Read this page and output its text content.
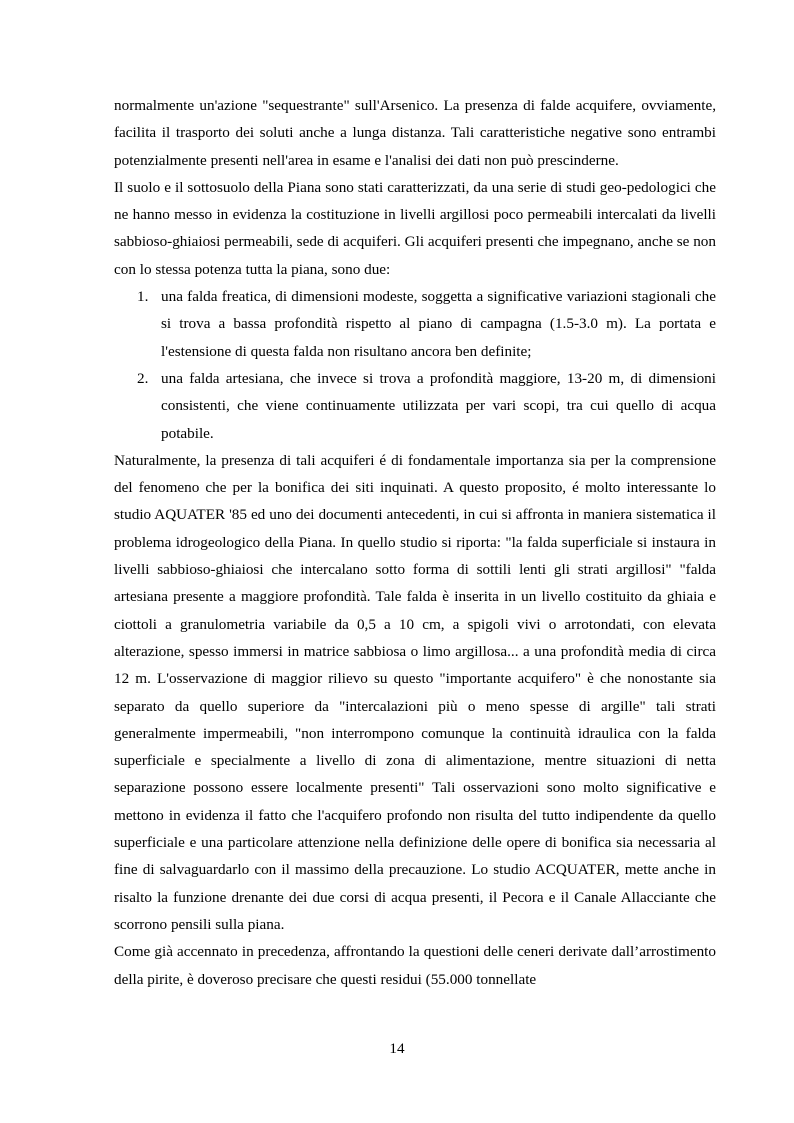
normalmente un'azione "sequestrante" sull'Arsenico. La presenza di falde acquifere, ovviamente, facilita il trasporto dei soluti anche a lunga distanza. Tali caratteristiche negative sono entrambi potenzialmente presenti nell'area in esame e l'analisi dei dati non può prescinderne.

Il suolo e il sottosuolo della Piana sono stati caratterizzati, da una serie di studi geo-pedologici che ne hanno messo in evidenza la costituzione in livelli argillosi poco permeabili intercalati da livelli sabbioso-ghiaiosi permeabili, sede di acquiferi. Gli acquiferi presenti che impegnano, anche se non con lo stessa potenza tutta la piana, sono due:

1. una falda freatica, di dimensioni modeste, soggetta a significative variazioni stagionali che si trova a bassa profondità rispetto al piano di campagna (1.5-3.0 m). La portata e l'estensione di questa falda non risultano ancora ben definite;
2. una falda artesiana, che invece si trova a profondità maggiore, 13-20 m, di dimensioni consistenti, che viene continuamente utilizzata per vari scopi, tra cui quello di acqua potabile.

Naturalmente, la presenza di tali acquiferi é di fondamentale importanza sia per la comprensione del fenomeno che per la bonifica dei siti inquinati. A questo proposito, é molto interessante lo studio AQUATER '85 ed uno dei documenti antecedenti, in cui si affronta in maniera sistematica il problema idrogeologico della Piana. In quello studio si riporta: "la falda superficiale si instaura in livelli sabbioso-ghiaiosi che intercalano sotto forma di sottili lenti gli strati argillosi" "falda artesiana presente a maggiore profondità. Tale falda è inserita in un livello costituito da ghiaia e ciottoli a granulometria variabile da 0,5 a 10 cm, a spigoli vivi o arrotondati, con elevata alterazione, spesso immersi in matrice sabbiosa o limo argillosa... a una profondità media di circa 12 m. L'osservazione di maggior rilievo su questo "importante acquifero" è che nonostante sia separato da quello superiore da "intercalazioni più o meno spesse di argille" tali strati generalmente impermeabili, "non interrompono comunque la continuità idraulica con la falda superficiale e specialmente a livello di zona di alimentazione, mentre situazioni di netta separazione possono essere localmente presenti" Tali osservazioni sono molto significative e mettono in evidenza il fatto che l'acquifero profondo non risulta del tutto indipendente da quello superficiale e una particolare attenzione nella definizione delle opere di bonifica sia necessaria al fine di salvaguardarlo con il massimo della precauzione. Lo studio ACQUATER, mette anche in risalto la funzione drenante dei due corsi di acqua presenti, il Pecora e il Canale Allacciante che scorrono pensili sulla piana.

Come già accennato in precedenza, affrontando la questioni delle ceneri derivate dall’arrostimento della pirite, è doveroso precisare che questi residui (55.000 tonnellate

14
